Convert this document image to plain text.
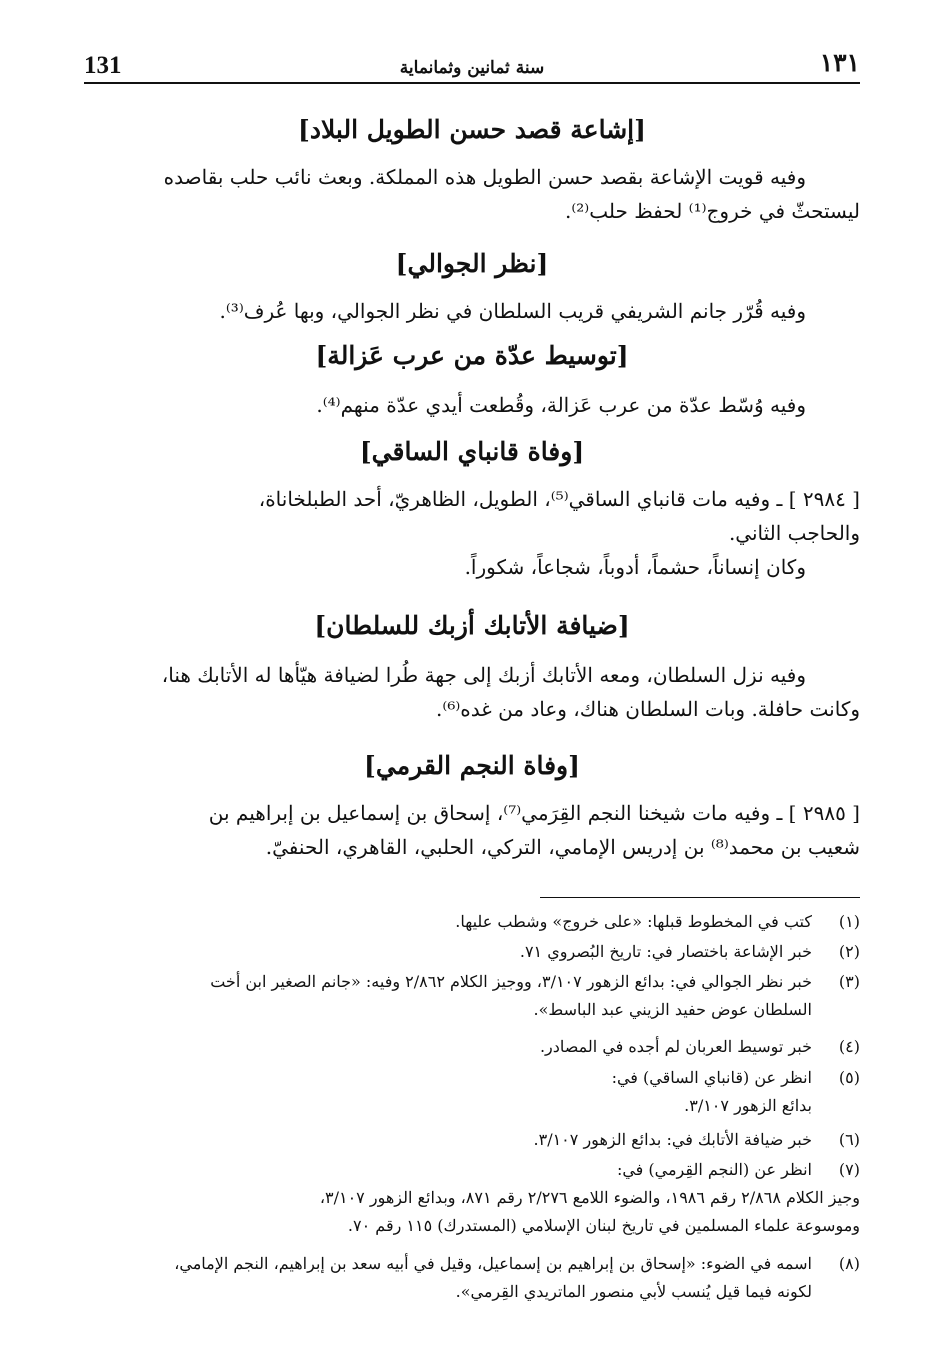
131	سنة ثمانين وثمانماية	١٣١
[إشاعة قصد حسن الطويل البلاد]
وفيه قويت الإشاعة بقصد حسن الطويل هذه المملكة. وبعث نائب حلب بقاصده
ليستحثّ في خروج⁽¹⁾ لحفظ حلب⁽²⁾.
[نظر الجوالي]
وفيه قُرّر جانم الشريفي قريب السلطان في نظر الجوالي، وبها عُرف⁽³⁾.
[توسيط عدّة من عرب عَزالة]
وفيه وُسّط عدّة من عرب عَزالة، وقُطعت أيدي عدّة منهم⁽⁴⁾.
[وفاة قانباي الساقي]
[ ٢٩٨٤ ] ـ وفيه مات قانباي الساقي⁽⁵⁾، الطويل، الظاهريّ، أحد الطبلخاناة،
والحاجب الثاني.
وكان إنساناً، حشماً، أدوباً، شجاعاً، شكوراً.
[ضيافة الأتابك أزبك للسلطان]
وفيه نزل السلطان، ومعه الأتابك أزبك إلى جهة طُرا لضيافة هيّأها له الأتابك هنا،
وكانت حافلة. وبات السلطان هناك، وعاد من غده⁽⁶⁾.
[وفاة النجم القرمي]
[ ٢٩٨٥ ] ـ وفيه مات شيخنا النجم القِرَمي⁽⁷⁾، إسحاق بن إسماعيل بن إبراهيم بن
شعيب بن محمد⁽⁸⁾ بن إدريس الإمامي، التركي، الحلبي، القاهري، الحنفيّ.
(١)
كتب في المخطوط قبلها: «على خروج» وشطب عليها.
(٢)
خبر الإشاعة باختصار في: تاريخ البُصروي ٧١.
(٣)
خبر نظر الجوالي في: بدائع الزهور ٣/١٠٧، ووجيز الكلام ٢/٨٦٢ وفيه: «جانم الصغير ابن أخت
السلطان عوض حفيد الزيني عبد الباسط».
(٤)
خبر توسيط العربان لم أجده في المصادر.
(٥)
انظر عن (قانباي الساقي) في:
بدائع الزهور ٣/١٠٧.
(٦)
خبر ضيافة الأتابك في: بدائع الزهور ٣/١٠٧.
(٧)
انظر عن (النجم القِرمي) في:
وجيز الكلام ٢/٨٦٨ رقم ١٩٨٦، والضوء اللامع ٢/٢٧٦ رقم ٨٧١، وبدائع الزهور ٣/١٠٧،
وموسوعة علماء المسلمين في تاريخ لبنان الإسلامي (المستدرك) ١١٥ رقم ٧٠.
(٨)
اسمه في الضوء: «إسحاق بن إبراهيم بن إسماعيل، وقيل في أبيه سعد بن إبراهيم، النجم الإمامي،
لكونه فيما قيل يُنسب لأبي منصور الماتريدي القِرمي».
